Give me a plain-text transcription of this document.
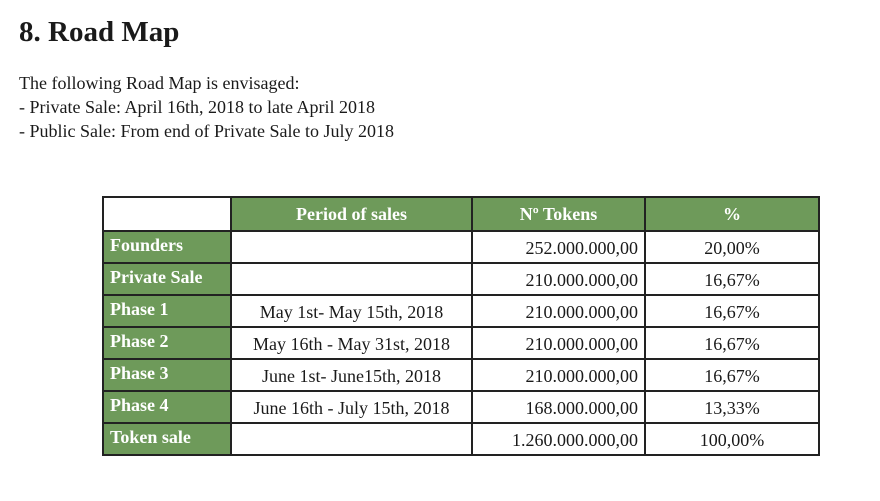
8. Road Map

The following Road Map is envisaged:

- Private Sale: April 16th, 2018 to late April 2018

- Public Sale: From end of Private Sale to July 2018

	Period of sales	Nº Tokens	%
Founders		252.000.000,00	20,00%
Private Sale		210.000.000,00	16,67%
Phase 1	May 1st- May 15th, 2018	210.000.000,00	16,67%
Phase 2	May 16th - May 31st, 2018	210.000.000,00	16,67%
Phase 3	June 1st- June15th, 2018	210.000.000,00	16,67%
Phase 4	June 16th - July 15th, 2018	168.000.000,00	13,33%
Token sale		1.260.000.000,00	100,00%
